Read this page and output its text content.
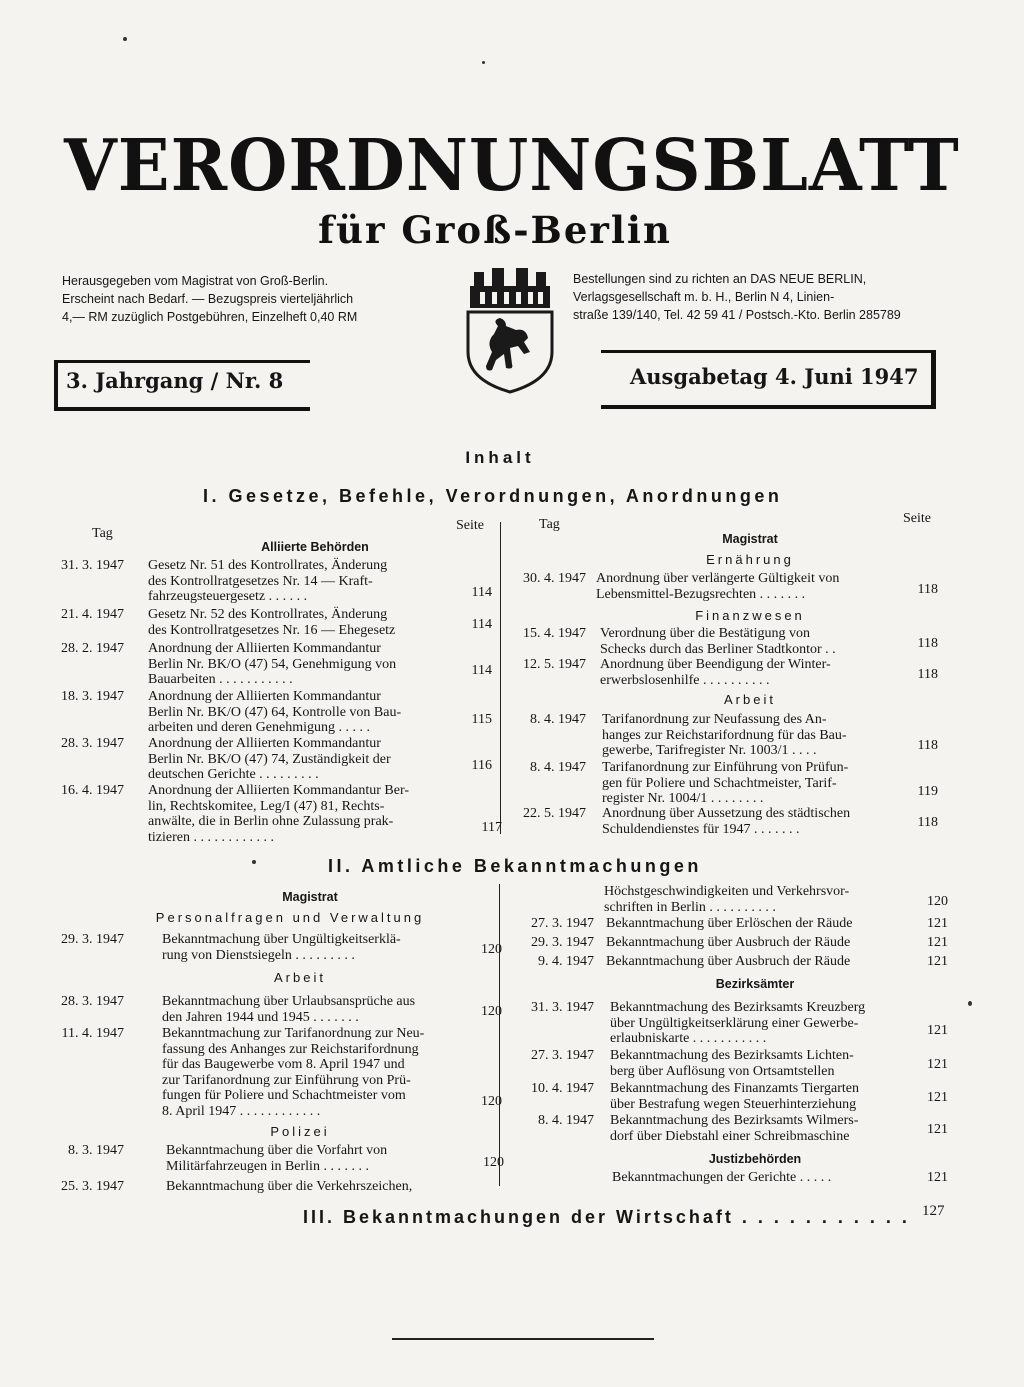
VERORDNUNGSBLATT
für Groß-Berlin
Herausgegeben vom Magistrat von Groß-Berlin.
Erscheint nach Bedarf. — Bezugspreis vierteljährlich
4,— RM zuzüglich Postgebühren, Einzelheft 0,40 RM
Bestellungen sind zu richten an DAS NEUE BERLIN,
Verlagsgesellschaft m. b. H., Berlin N 4, Linien-
straße 139/140, Tel. 42 59 41 / Postsch.-Kto. Berlin 285789
3. Jahrgang / Nr. 8	Ausgabetag 4. Juni 1947
Inhalt
I. Gesetze, Befehle, Verordnungen, Anordnungen
Tag
Seite	Tag	Seite
Alliierte Behörden
31. 3. 1947 Gesetz Nr. 51 des Kontrollrates, Änderung
des Kontrollratgesetzes Nr. 14 — Kraft-
fahrzeugsteuergesetz . . . . . .	114
21. 4. 1947 Gesetz Nr. 52 des Kontrollrates, Änderung
des Kontrollratgesetzes Nr. 16 — Ehegesetz	114
28. 2. 1947 Anordnung der Alliierten Kommandantur
Berlin Nr. BK/O (47) 54, Genehmigung von
Bauarbeiten . . . . . . . . . . .
114
18. 3. 1947 Anordnung der Alliierten Kommandantur
Berlin Nr. BK/O (47) 64, Kontrolle von Bau-
arbeiten und deren Genehmigung . . . . .
115
28. 3. 1947 Anordnung der Alliierten Kommandantur
Berlin Nr. BK/O (47) 74, Zuständigkeit der
deutschen Gerichte . . . . . . . . .
116
16. 4. 1947 Anordnung der Alliierten Kommandantur Ber-
lin, Rechtskomitee, Leg/I (47) 81, Rechts-
anwälte, die in Berlin ohne Zulassung prak-
tizieren . . . . . . . . . . . .
117
Magistrat
Ernährung
30. 4. 1947 Anordnung über verlängerte Gültigkeit von
Lebensmittel-Bezugsrechten . . . . . . .	118
Finanzwesen
15. 4. 1947 Verordnung über die Bestätigung von
Schecks durch das Berliner Stadtkontor . .	118
12. 5. 1947 Anordnung über Beendigung der Winter-
erwerbslosenhilfe . . . . . . . . . .	118
Arbeit
8. 4. 1947 Tarifanordnung zur Neufassung des An-
hanges zur Reichstarifordnung für das Bau-
gewerbe, Tarifregister Nr. 1003/1 . . . .	118
8. 4. 1947 Tarifanordnung zur Einführung von Prüfun-
gen für Poliere und Schachtmeister, Tarif-
register Nr. 1004/1 . . . . . . . .	119
22. 5. 1947 Anordnung über Aussetzung des städtischen
Schuldendienstes für 1947 . . . . . . .	118
II. Amtliche Bekanntmachungen
Magistrat
Personalfragen und Verwaltung
29. 3. 1947	Bekanntmachung über Ungültigkeitserklä-
rung von Dienstsiegeln . . . . . . . . .	120
Arbeit
28. 3. 1947	Bekanntmachung über Urlaubsansprüche aus
den Jahren 1944 und 1945 . . . . . . .	120
11. 4. 1947	Bekanntmachung zur Tarifanordnung zur Neu-
fassung des Anhanges zur Reichstarifordnung
für das Baugewerbe vom 8. April 1947 und
zur Tarifanordnung zur Einführung von Prü-
fungen für Poliere und Schachtmeister vom
8. April 1947 . . . . . . . . . . . .
120
Polizei
8. 3. 1947	Bekanntmachung über die Vorfahrt von
Militärfahrzeugen in Berlin . . . . . . .	120
25. 3. 1947	Bekanntmachung über die Verkehrszeichen,
Höchstgeschwindigkeiten und Verkehrsvor-
schriften in Berlin . . . . . . . . . .	120
27. 3. 1947 Bekanntmachung über Erlöschen der Räude	121
29. 3. 1947 Bekanntmachung über Ausbruch der Räude	121
9. 4. 1947 Bekanntmachung über Ausbruch der Räude	121
Bezirksämter
31. 3. 1947 Bekanntmachung des Bezirksamts Kreuzberg
über Ungültigkeitserklärung einer Gewerbe-
erlaubniskarte . . . . . . . . . . .
121
27. 3. 1947 Bekanntmachung des Bezirksamts Lichten-
berg über Auflösung von Ortsamtstellen	121
10. 4. 1947 Bekanntmachung des Finanzamts Tiergarten
über Bestrafung wegen Steuerhinterziehung	121
8. 4. 1947 Bekanntmachung des Bezirksamts Wilmers-
dorf über Diebstahl einer Schreibmaschine	121
Justizbehörden
Bekanntmachungen der Gerichte . . . . .	121
III. Bekanntmachungen der Wirtschaft . . . . . . . . . . . 127
